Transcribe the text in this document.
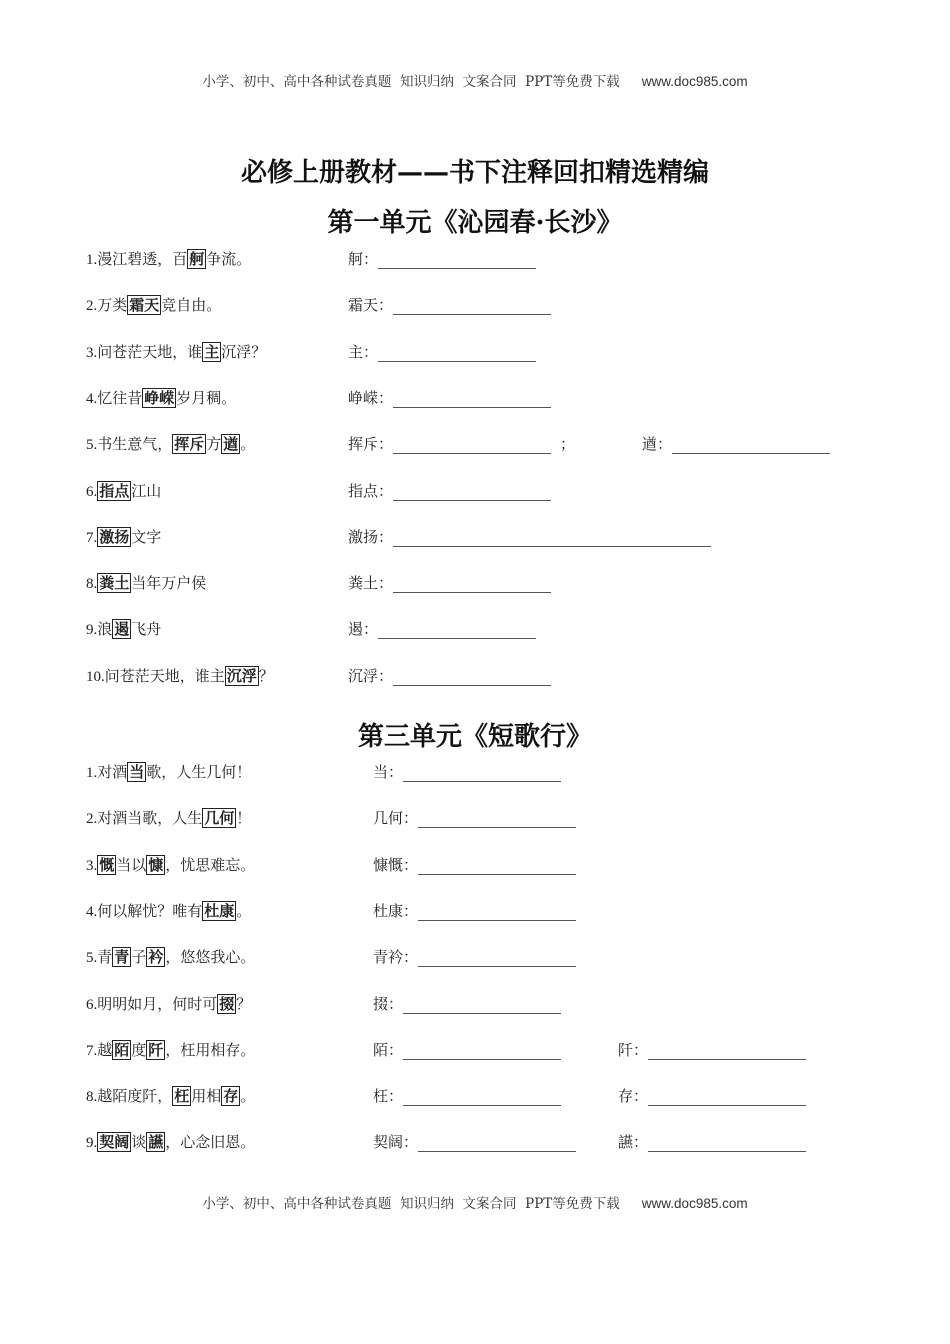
小学、初中、高中各种试卷真题  知识归纳  文案合同  PPT等免费下载 www.doc985.com
必修上册教材——书下注释回扣精选精编
第一单元《沁园春·长沙》
1.漫江碧透，百 舸 争流。	舸：
2.万类 霜天 竞自由。	霜天：
3.问苍茫天地，谁 主 沉浮？	主：
4.忆往昔 峥嵘 岁月稠。	峥嵘：
5.书生意气， 挥斥 方 遒 。	挥斥：	；	遒：
6. 指点 江山	指点：
7. 激扬 文字	激扬：
8. 粪土 当年万户侯	粪土：
9.浪 遏 飞舟	遏：
10.问苍茫天地，谁主 沉浮 ？	沉浮：
第三单元《短歌行》
1.对酒 当 歌，人生几何！	当：
2.对酒当歌，人生 几何 ！	几何：
3. 慨 当以 慷 ，忧思难忘。	慷慨：
4.何以解忧？唯有 杜康 。	杜康：
5.青 青 子 衿 ，悠悠我心。	青衿：
6.明明如月，何时可 掇 ？	掇：
7.越 陌 度 阡 ，枉用相存。	陌：	阡：
8.越陌度阡， 枉 用相 存 。	枉：	存：
9. 契阔 谈 讌 ，心念旧恩。	契阔：	讌：
小学、初中、高中各种试卷真题  知识归纳  文案合同  PPT等免费下载 www.doc985.com
